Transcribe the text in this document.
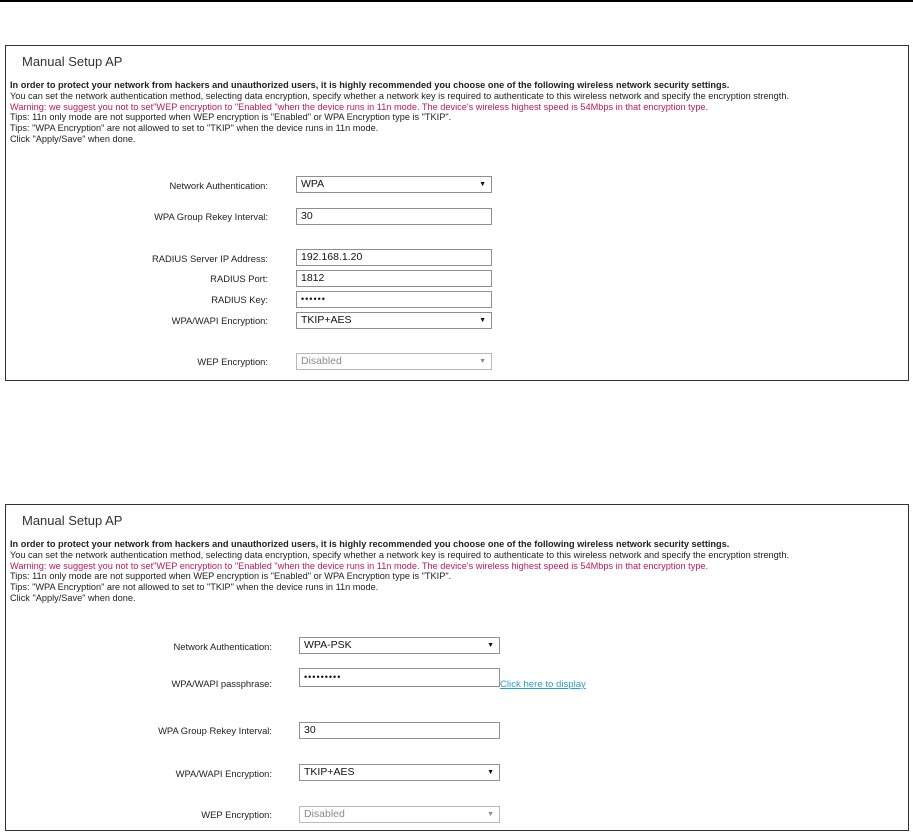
Manual Setup AP
In order to protect your network from hackers and unauthorized users, it is highly recommended you choose one of the following wireless network security settings.
You can set the network authentication method, selecting data encryption, specify whether a network key is required to authenticate to this wireless network and specify the encryption strength.
Warning: we suggest you not to set"WEP encryption to "Enabled "when the device runs in 11n mode. The device's wireless highest speed is 54Mbps in that encryption type.
Tips: 11n only mode are not supported when WEP encryption is "Enabled" or WPA Encryption type is "TKIP".
Tips: "WPA Encryption" are not allowed to set to "TKIP" when the device runs in 11n mode.
Click "Apply/Save" when done.
Network Authentication:	WPA	▼
WPA Group Rekey Interval:	30
RADIUS Server IP Address:	192.168.1.20
RADIUS Port:	1812
RADIUS Key:	••••••
WPA/WAPI Encryption:	TKIP+AES	▼
WEP Encryption:	Disabled	▼
Manual Setup AP
In order to protect your network from hackers and unauthorized users, it is highly recommended you choose one of the following wireless network security settings.
You can set the network authentication method, selecting data encryption, specify whether a network key is required to authenticate to this wireless network and specify the encryption strength.
Warning: we suggest you not to set"WEP encryption to "Enabled "when the device runs in 11n mode. The device's wireless highest speed is 54Mbps in that encryption type.
Tips: 11n only mode are not supported when WEP encryption is "Enabled" or WPA Encryption type is "TKIP".
Tips: "WPA Encryption" are not allowed to set to "TKIP" when the device runs in 11n mode.
Click "Apply/Save" when done.
Network Authentication:	WPA-PSK	▼
WPA/WAPI passphrase:
•••••••••
Click here to display
WPA Group Rekey Interval:	30
WPA/WAPI Encryption:	TKIP+AES	▼
WEP Encryption:	Disabled	▼
